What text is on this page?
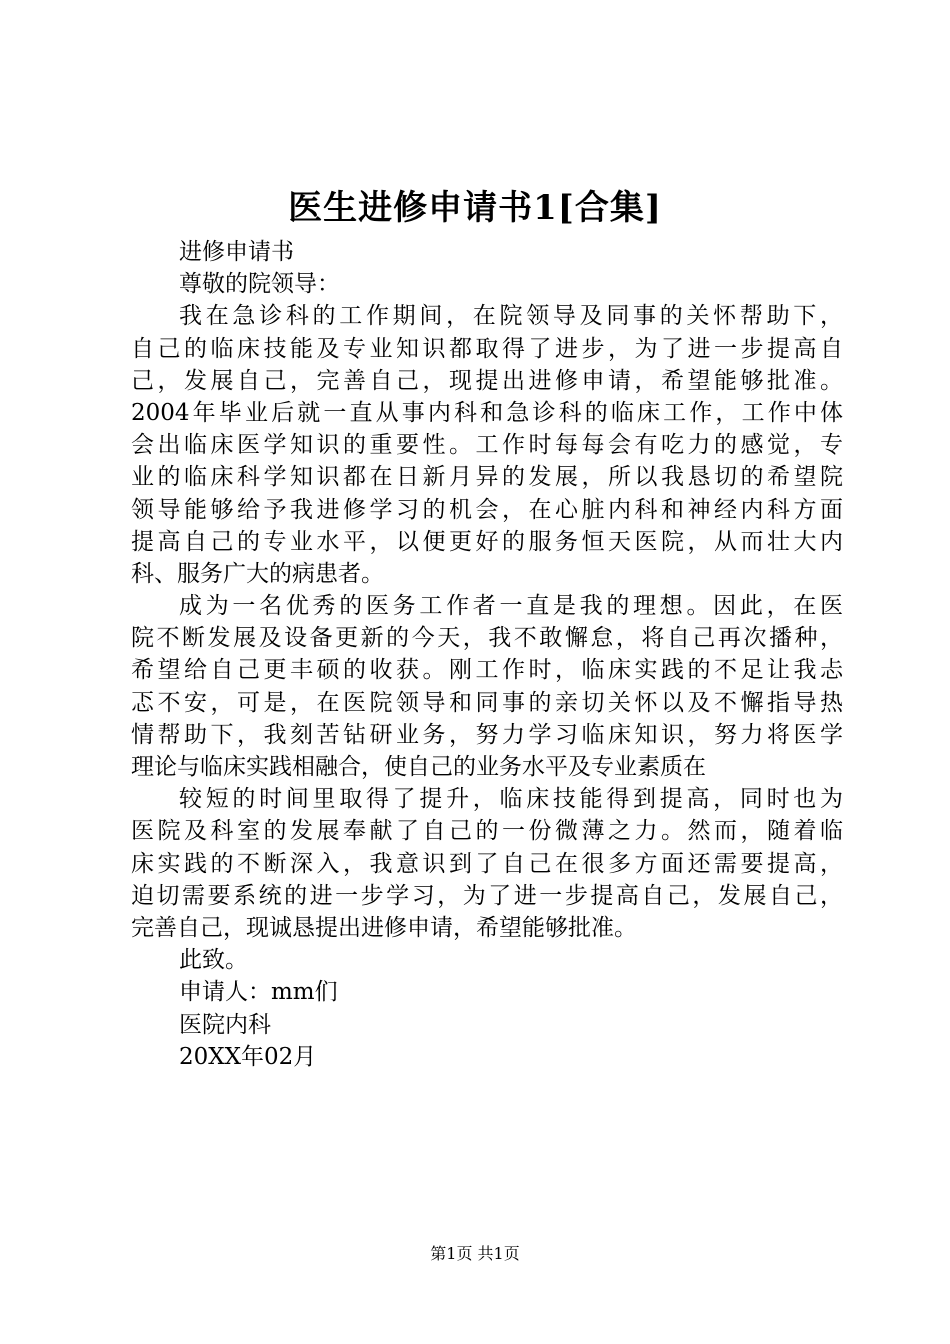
医生进修申请书1[合集]
进修申请书
尊敬的院领导：
我在急诊科的工作期间，在院领导及同事的关怀帮助下，
自己的临床技能及专业知识都取得了进步，为了进一步提高自
己，发展自己，完善自己，现提出进修申请，希望能够批准。
2004年毕业后就一直从事内科和急诊科的临床工作，工作中体
会出临床医学知识的重要性。工作时每每会有吃力的感觉，专
业的临床科学知识都在日新月异的发展，所以我恳切的希望院
领导能够给予我进修学习的机会，在心脏内科和神经内科方面
提高自己的专业水平，以便更好的服务恒天医院，从而壮大内
科、服务广大的病患者。
成为一名优秀的医务工作者一直是我的理想。因此，在医
院不断发展及设备更新的今天，我不敢懈怠，将自己再次播种，
希望给自己更丰硕的收获。刚工作时，临床实践的不足让我忐
忑不安，可是，在医院领导和同事的亲切关怀以及不懈指导热
情帮助下，我刻苦钻研业务，努力学习临床知识，努力将医学
理论与临床实践相融合，使自己的业务水平及专业素质在
较短的时间里取得了提升，临床技能得到提高，同时也为
医院及科室的发展奉献了自己的一份微薄之力。然而，随着临
床实践的不断深入，我意识到了自己在很多方面还需要提高，
迫切需要系统的进一步学习，为了进一步提高自己，发展自己，
完善自己，现诚恳提出进修申请，希望能够批准。
此致。
申请人：mm们
医院内科
20XX年02月
第1页 共1页
